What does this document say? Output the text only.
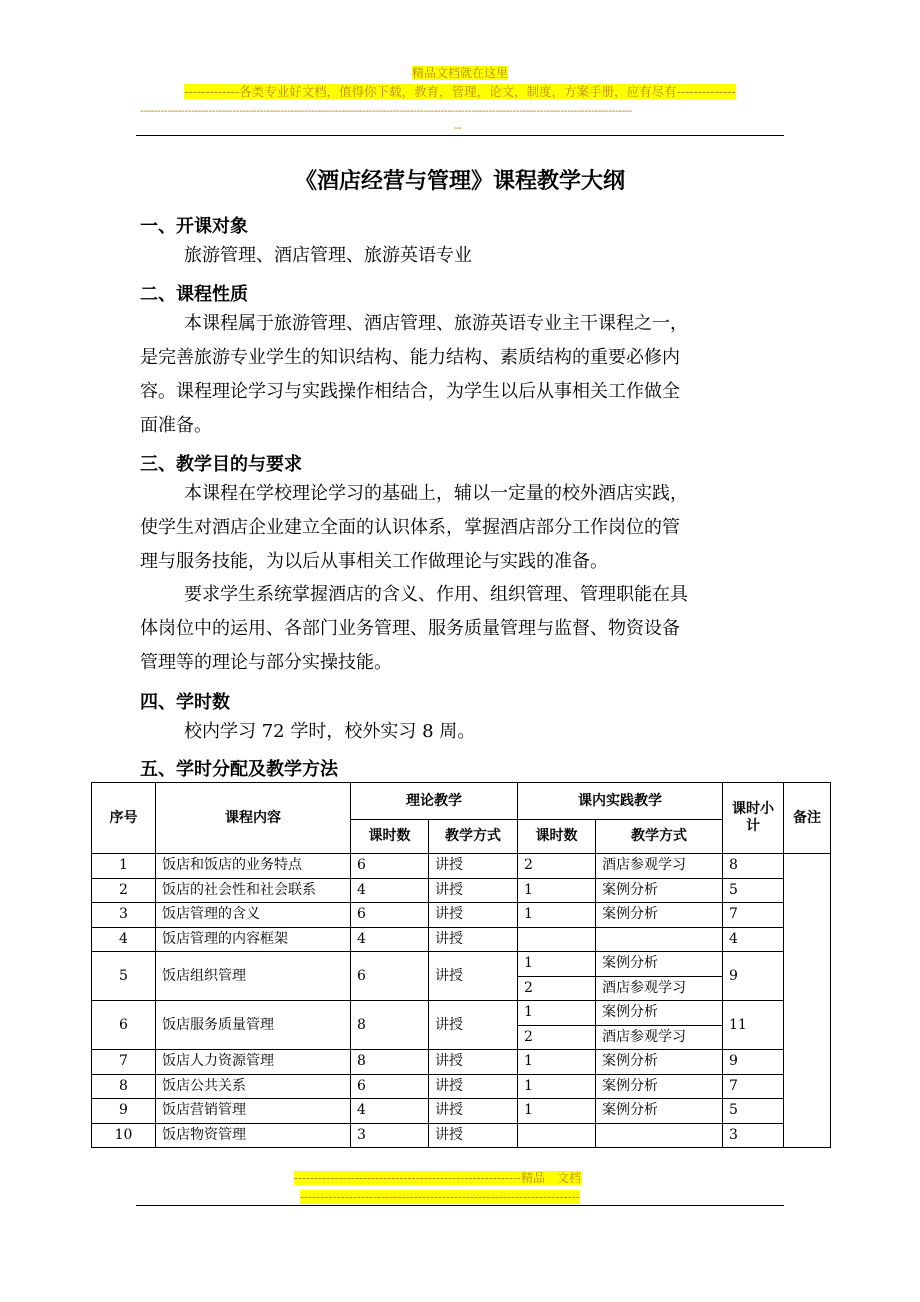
精品文档就在这里
-------------各类专业好文档，值得你下载，教育，管理，论文，制度，方案手册，应有尽有--------------
------------------------------------------------------------------------------------------------------------------------------------------------
--
《酒店经营与管理》课程教学大纲
一、开课对象
旅游管理、酒店管理、旅游英语专业
二、课程性质
本课程属于旅游管理、酒店管理、旅游英语专业主干课程之一，
是完善旅游专业学生的知识结构、能力结构、素质结构的重要必修内
容。课程理论学习与实践操作相结合，为学生以后从事相关工作做全
面准备。
三、教学目的与要求
本课程在学校理论学习的基础上，辅以一定量的校外酒店实践，
使学生对酒店企业建立全面的认识体系，掌握酒店部分工作岗位的管
理与服务技能，为以后从事相关工作做理论与实践的准备。
要求学生系统掌握酒店的含义、作用、组织管理、管理职能在具
体岗位中的运用、各部门业务管理、服务质量管理与监督、物资设备
管理等的理论与部分实操技能。
四、学时数
校内学习 72 学时，校外实习 8 周。
五、学时分配及教学方法
序号	课程内容	理论教学		课内实践教学		课时小计	备注
		课时数	教学方式	课时数	教学方式		
1	饭店和饭店的业务特点	6	讲授	2	酒店参观学习	8	
2	饭店的社会性和社会联系	4	讲授	1	案例分析	5	
3	饭店管理的含义	6	讲授	1	案例分析	7	
4	饭店管理的内容框架	4	讲授			4	
5	饭店组织管理	6	讲授	1	案例分析	9	
				2	酒店参观学习		
6	饭店服务质量管理	8	讲授	1	案例分析	11	
				2	酒店参观学习		
7	饭店人力资源管理	8	讲授	1	案例分析	9	
8	饭店公共关系	6	讲授	1	案例分析	7	
9	饭店营销管理	4	讲授	1	案例分析	5	
10	饭店物资管理	3	讲授			3	
--------------------------------------------------------精品　文档
---------------------------------------------------------------------
